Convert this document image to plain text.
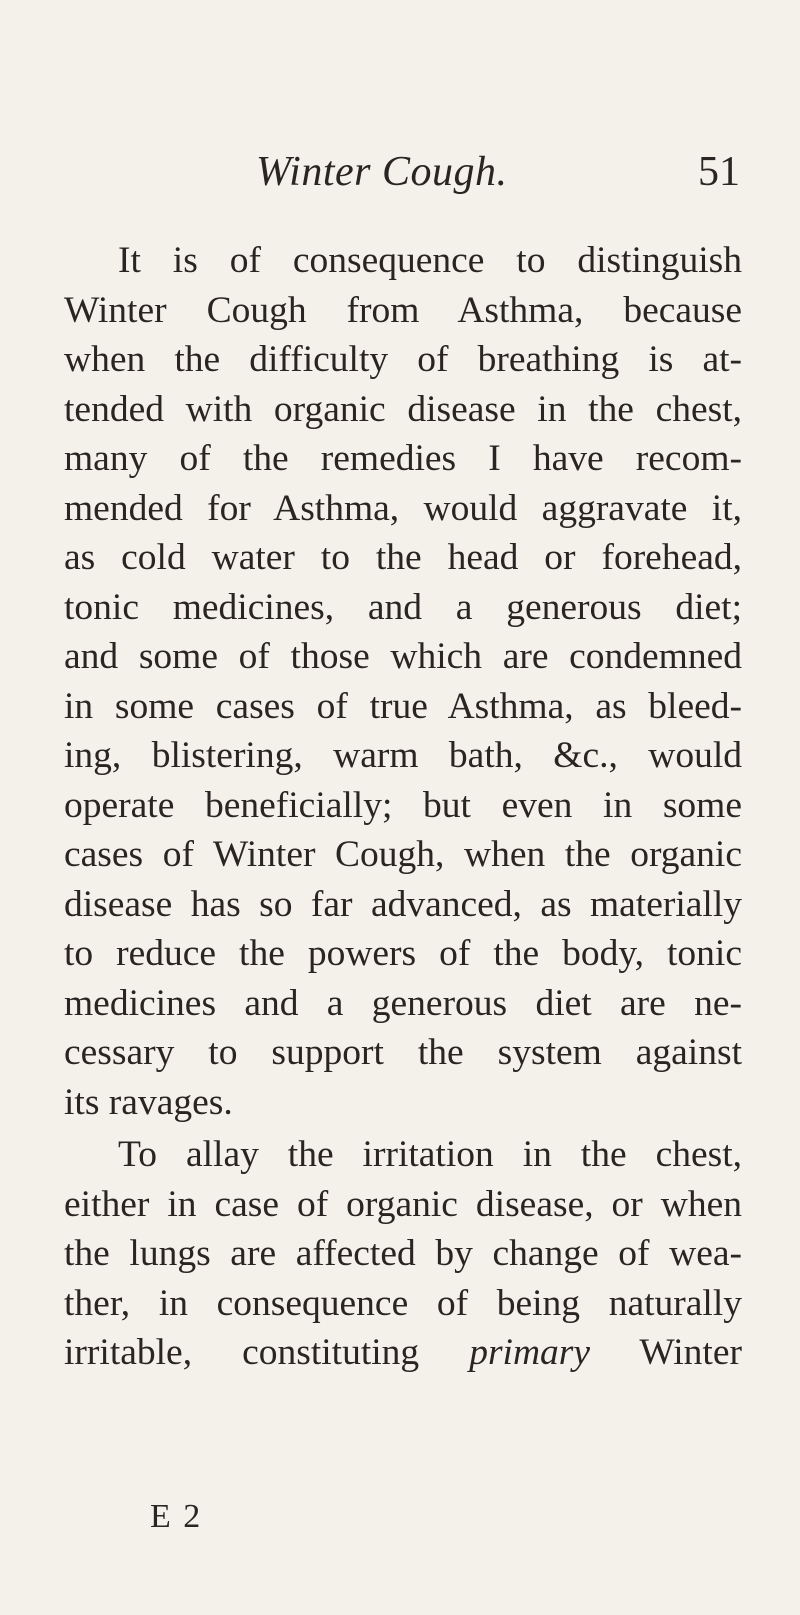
Winter Cough.	51
It is of consequence to distinguish
Winter Cough from Asthma, because
when the difficulty of breathing is at-
tended with organic disease in the chest,
many of the remedies I have recom-
mended for Asthma, would aggravate it,
as cold water to the head or forehead,
tonic medicines, and a generous diet;
and some of those which are condemned
in some cases of true Asthma, as bleed-
ing, blistering, warm bath, &c., would
operate beneficially; but even in some
cases of Winter Cough, when the organic
disease has so far advanced, as materially
to reduce the powers of the body, tonic
medicines and a generous diet are ne-
cessary to support the system against
its ravages.
To allay the irritation in the chest,
either in case of organic disease, or when
the lungs are affected by change of wea-
ther, in consequence of being naturally
irritable, constituting primary Winter
E 2
